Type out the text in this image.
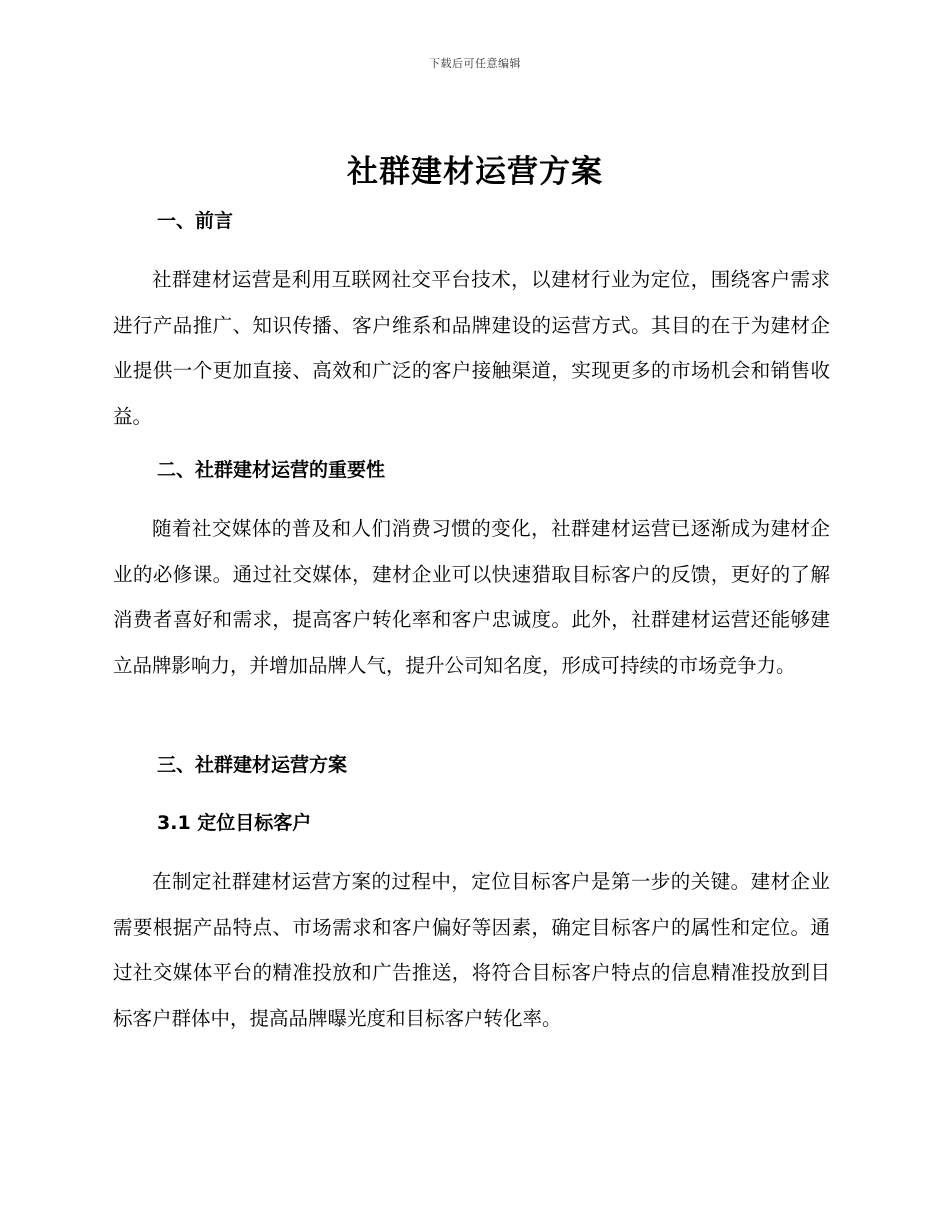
下载后可任意编辑
社群建材运营方案
一、前言

社群建材运营是利用互联网社交平台技术，以建材行业为定位，围绕客户需求进行产品推广、知识传播、客户维系和品牌建设的运营方式。其目的在于为建材企业提供一个更加直接、高效和广泛的客户接触渠道，实现更多的市场机会和销售收益。

二、社群建材运营的重要性

随着社交媒体的普及和人们消费习惯的变化，社群建材运营已逐渐成为建材企业的必修课。通过社交媒体，建材企业可以快速猎取目标客户的反馈，更好的了解消费者喜好和需求，提高客户转化率和客户忠诚度。此外，社群建材运营还能够建立品牌影响力，并增加品牌人气，提升公司知名度，形成可持续的市场竞争力。

三、社群建材运营方案
3.1 定位目标客户

在制定社群建材运营方案的过程中，定位目标客户是第一步的关键。建材企业需要根据产品特点、市场需求和客户偏好等因素，确定目标客户的属性和定位。通过社交媒体平台的精准投放和广告推送，将符合目标客户特点的信息精准投放到目标客户群体中，提高品牌曝光度和目标客户转化率。
